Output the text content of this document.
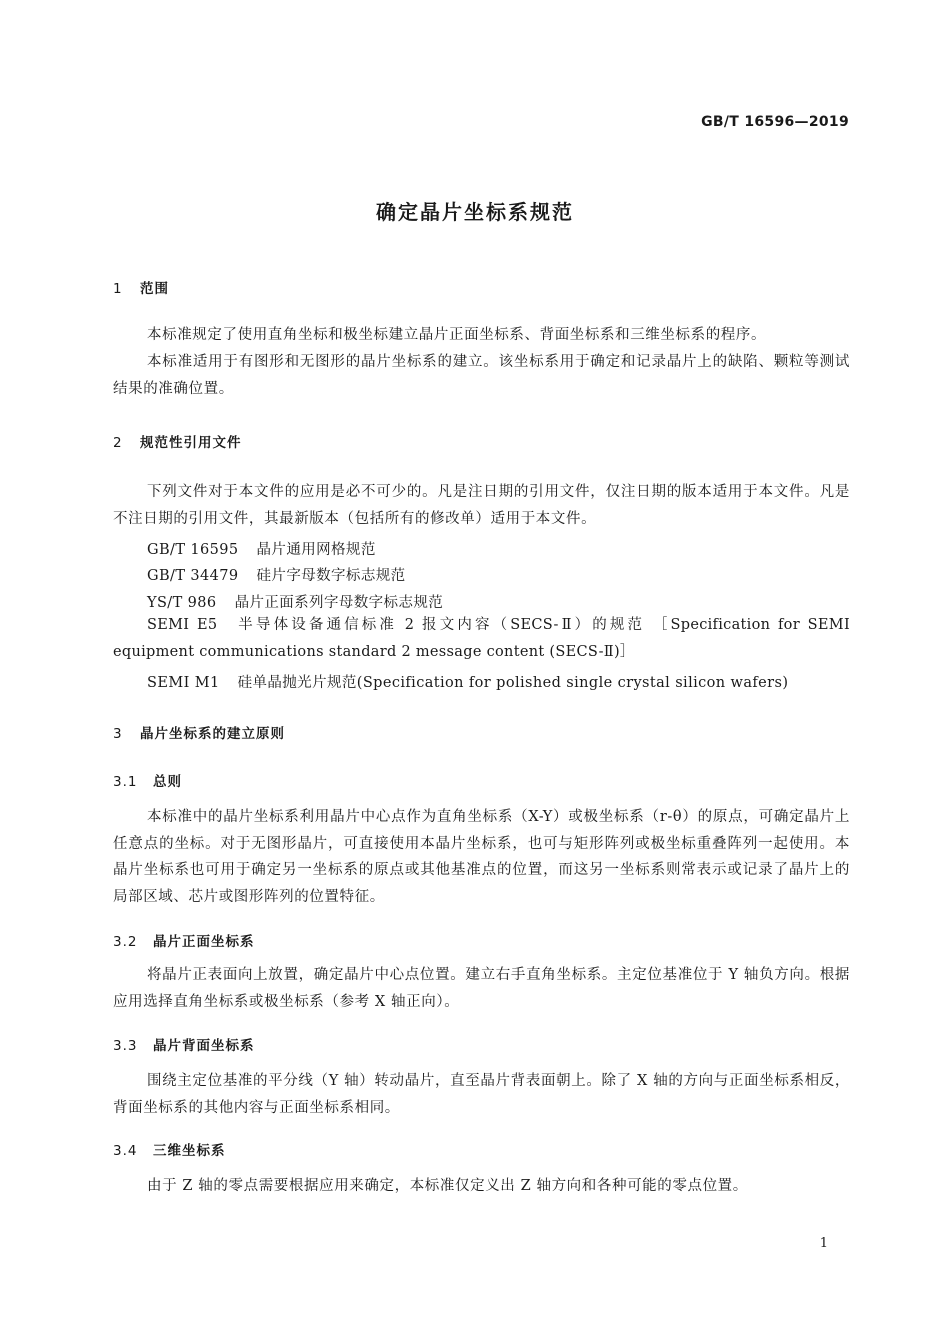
GB/T 16596—2019
确定晶片坐标系规范
1 范围
本标准规定了使用直角坐标和极坐标建立晶片正面坐标系、背面坐标系和三维坐标系的程序。
本标准适用于有图形和无图形的晶片坐标系的建立。该坐标系用于确定和记录晶片上的缺陷、颗粒等测试结果的准确位置。
2 规范性引用文件
下列文件对于本文件的应用是必不可少的。凡是注日期的引用文件，仅注日期的版本适用于本文件。凡是不注日期的引用文件，其最新版本（包括所有的修改单）适用于本文件。
GB/T 16595 晶片通用网格规范
GB/T 34479 硅片字母数字标志规范
YS/T 986 晶片正面系列字母数字标志规范
SEMI E5 半导体设备通信标准 2 报文内容（SECS-Ⅱ）的规范 ［Specification for SEMI equipment communications standard 2 message content (SECS-Ⅱ)］
SEMI M1 硅单晶抛光片规范(Specification for polished single crystal silicon wafers)
3 晶片坐标系的建立原则
3.1 总则
本标准中的晶片坐标系利用晶片中心点作为直角坐标系（X-Y）或极坐标系（r-θ）的原点，可确定晶片上任意点的坐标。对于无图形晶片，可直接使用本晶片坐标系，也可与矩形阵列或极坐标重叠阵列一起使用。本晶片坐标系也可用于确定另一坐标系的原点或其他基准点的位置，而这另一坐标系则常表示或记录了晶片上的局部区域、芯片或图形阵列的位置特征。
3.2 晶片正面坐标系
将晶片正表面向上放置，确定晶片中心点位置。建立右手直角坐标系。主定位基准位于 Y 轴负方向。根据应用选择直角坐标系或极坐标系（参考 X 轴正向）。
3.3 晶片背面坐标系
围绕主定位基准的平分线（Y 轴）转动晶片，直至晶片背表面朝上。除了 X 轴的方向与正面坐标系相反，背面坐标系的其他内容与正面坐标系相同。
3.4 三维坐标系
由于 Z 轴的零点需要根据应用来确定，本标准仅定义出 Z 轴方向和各种可能的零点位置。
1
